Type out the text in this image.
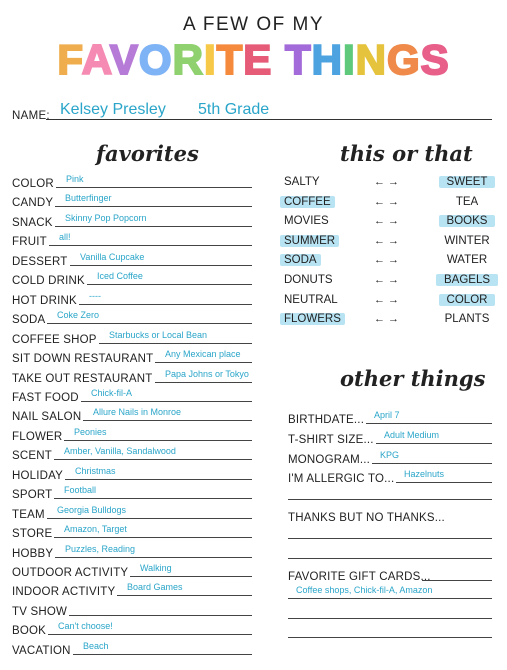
A FEW OF MY
FAVORITE THINGS
NAME: Kelsey Presley 5th Grade
favorites
COLOR Pink
CANDY Butterfinger
SNACK Skinny Pop Popcorn
FRUIT all!
DESSERT Vanilla Cupcake
COLD DRINK Iced Coffee
HOT DRINK ----
SODA Coke Zero
COFFEE SHOP Starbucks or Local Bean
SIT DOWN RESTAURANT Any Mexican place
TAKE OUT RESTAURANT Papa Johns or Tokyo
FAST FOOD Chick-fil-A
NAIL SALON Allure Nails in Monroe
FLOWER Peonies
SCENT Amber, Vanilla, Sandalwood
HOLIDAY Christmas
SPORT Football
TEAM Georgia Bulldogs
STORE Amazon, Target
HOBBY Puzzles, Reading
OUTDOOR ACTIVITY Walking
INDOOR ACTIVITY Board Games
TV SHOW
BOOK Can't choose!
VACATION Beach
this or that
SALTY	← →	SWEET
COFFEE	← →	TEA
MOVIES	← →	BOOKS
SUMMER	← →	WINTER
SODA	← →	WATER
DONUTS	← →	BAGELS
NEUTRAL	← →	COLOR
FLOWERS	← →	PLANTS
other things
BIRTHDATE... April 7
T-SHIRT SIZE... Adult Medium
MONOGRAM... KPG
I'M ALLERGIC TO... Hazelnuts
THANKS BUT NO THANKS...
FAVORITE GIFT CARDS...
Coffee shops, Chick-fil-A, Amazon
